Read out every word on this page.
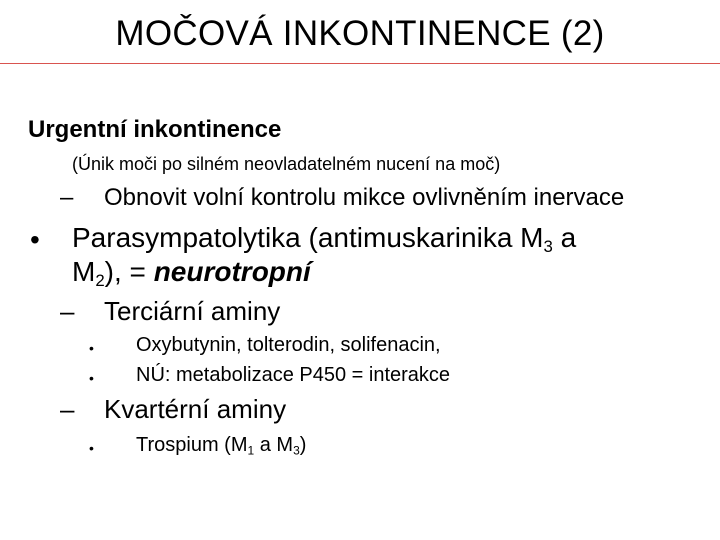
MOČOVÁ INKONTINENCE (2)
Urgentní inkontinence
(Únik moči po silném neovladatelném nucení na moč)
– Obnovit volní kontrolu mikce ovlivněním inervace
• Parasympatolytika (antimuskarinika $M_3$ a
$M_2$), = neurotropní
– Terciární aminy
• Oxybutynin, tolterodin, solifenacin,
• NÚ: metabolizace P450 = interakce
– Kvartérní aminy
• Trospium ($M_1$ a $M_3$)
